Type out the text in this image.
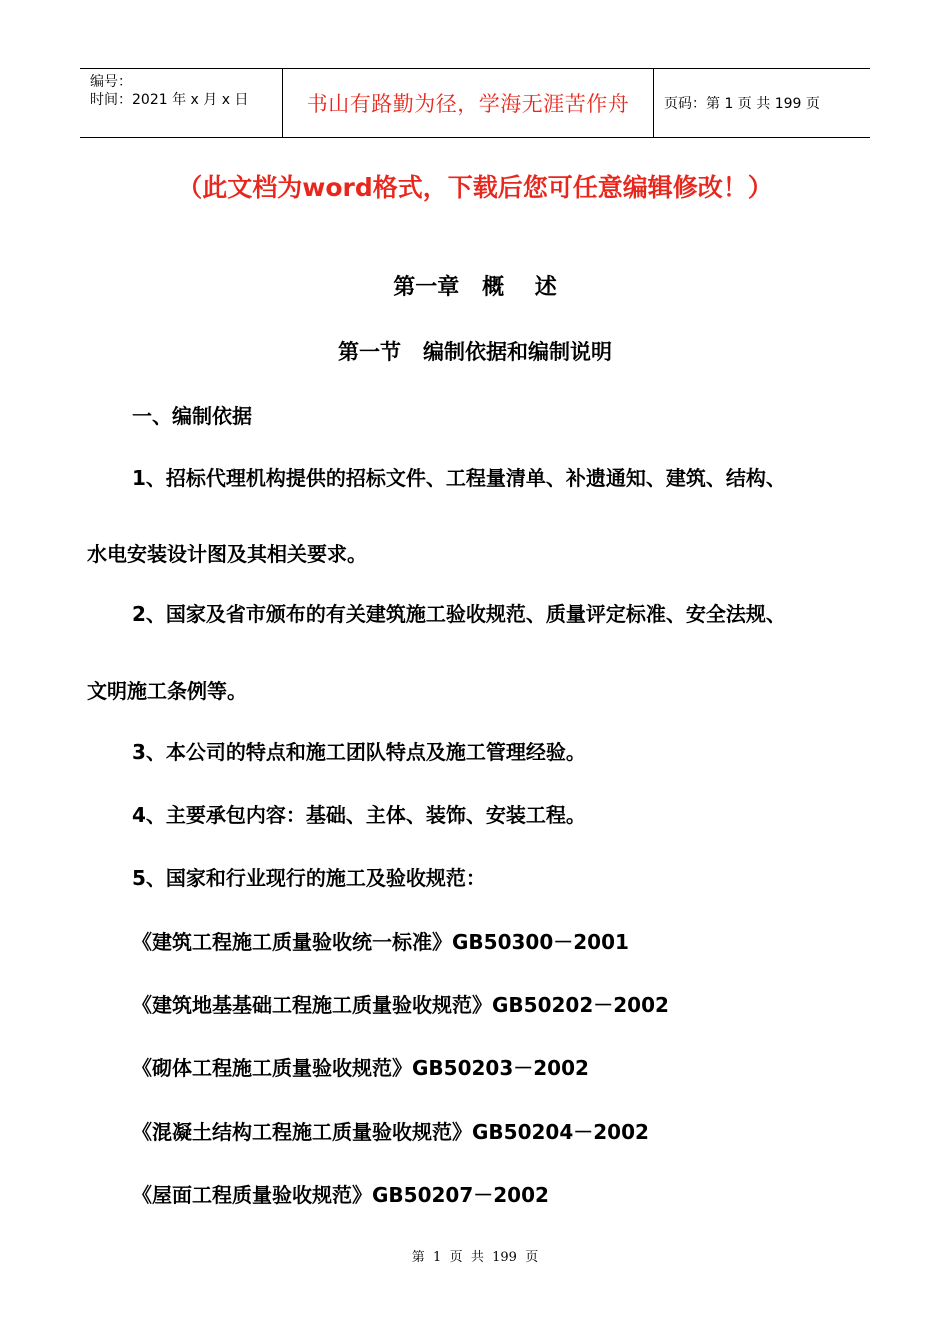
编号：
时间：2021 年 x 月 x 日	书山有路勤为径，学海无涯苦作舟	页码：第 1 页 共 199 页
（此文档为word格式，下载后您可任意编辑修改！）
第一章   概    述
第一节   编制依据和编制说明
一、编制依据
1、招标代理机构提供的招标文件、工程量清单、补遗通知、建筑、结构、
水电安装设计图及其相关要求。
2、国家及省市颁布的有关建筑施工验收规范、质量评定标准、安全法规、
文明施工条例等。
3、本公司的特点和施工团队特点及施工管理经验。
4、主要承包内容：基础、主体、装饰、安装工程。
5、国家和行业现行的施工及验收规范：
《建筑工程施工质量验收统一标准》GB50300－2001
《建筑地基基础工程施工质量验收规范》GB50202－2002
《砌体工程施工质量验收规范》GB50203－2002
《混凝土结构工程施工质量验收规范》GB50204－2002
《屋面工程质量验收规范》GB50207－2002
第  1  页  共  199  页
